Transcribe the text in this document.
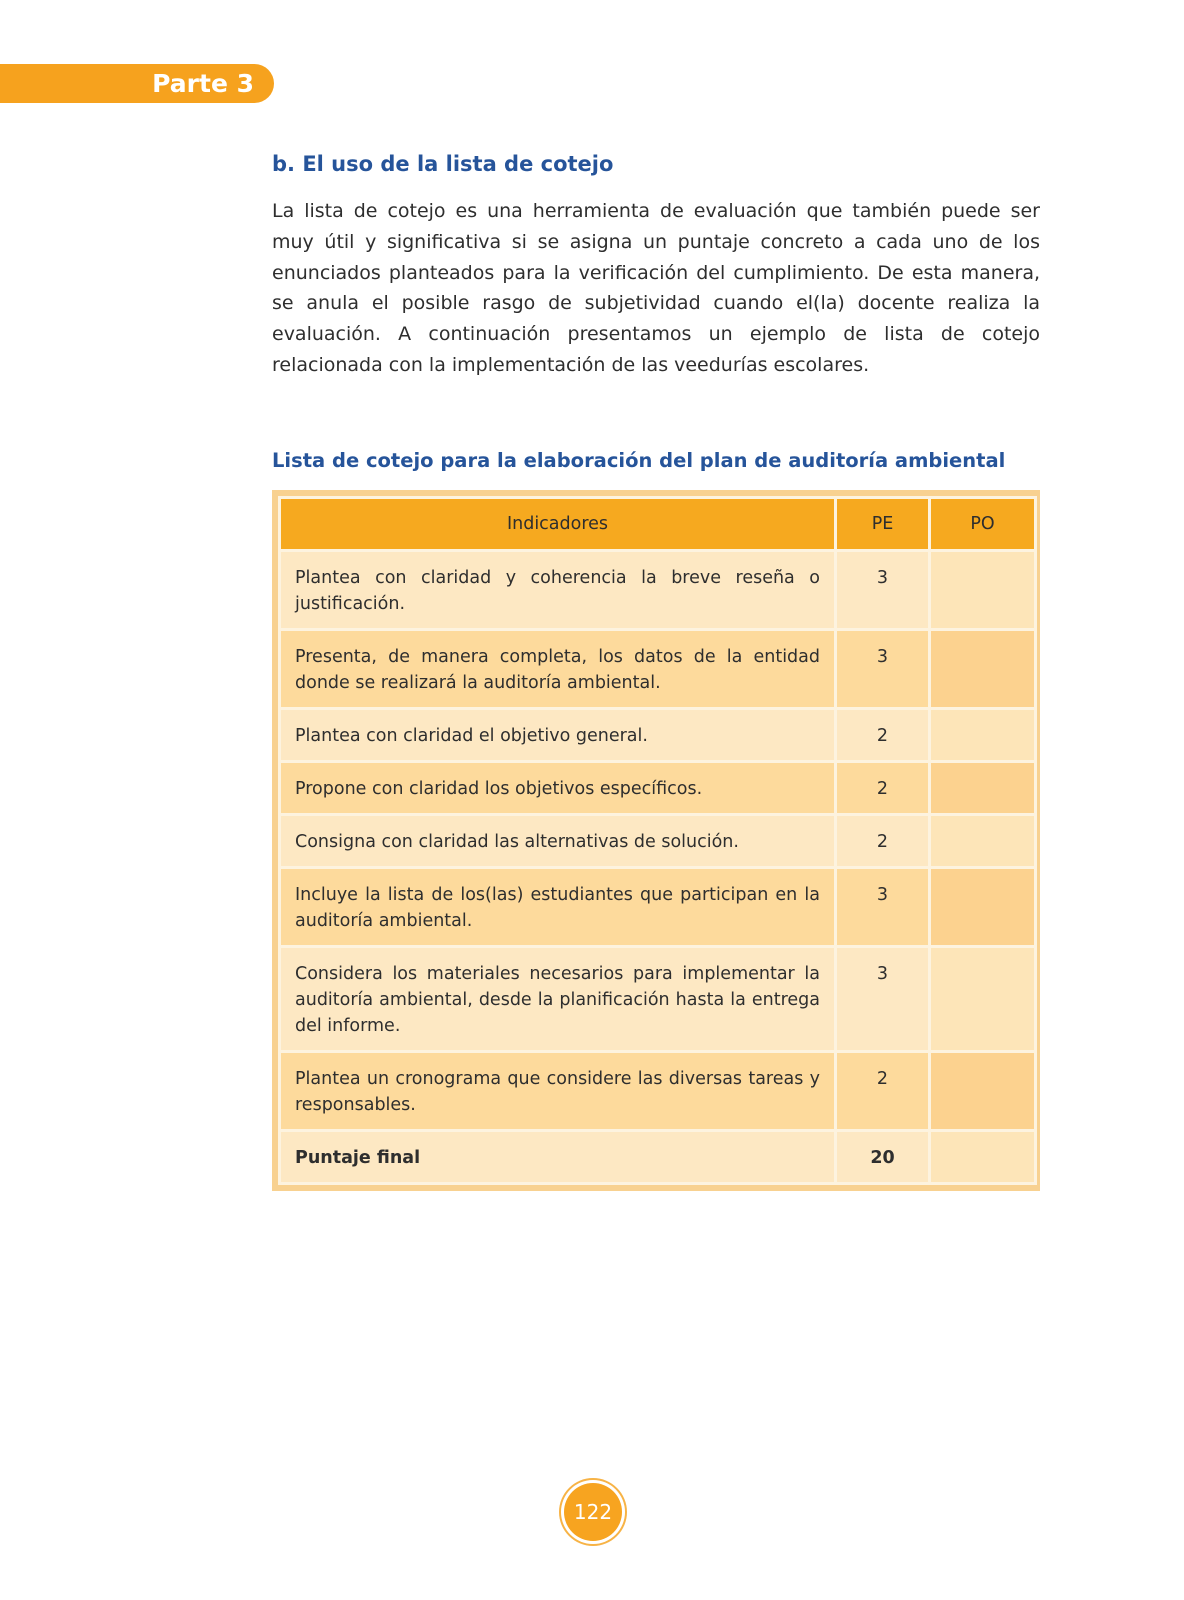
Parte 3
b. El uso de la lista de cotejo

La lista de cotejo es una herramienta de evaluación que también puede ser muy útil y significativa si se asigna un puntaje concreto a cada uno de los enunciados planteados para la verificación del cumplimiento. De esta manera, se anula el posible rasgo de subjetividad cuando el(la) docente realiza la evaluación. A continuación presentamos un ejemplo de lista de cotejo relacionada con la implementación de las veedurías escolares.

Lista de cotejo para la elaboración del plan de auditoría ambiental
Indicadores	PE	PO
Plantea con claridad y coherencia la breve reseña o justificación.	3	
Presenta, de manera completa, los datos de la entidad donde se realizará la auditoría ambiental.	3	
Plantea con claridad el objetivo general.	2	
Propone con claridad los objetivos específicos.	2	
Consigna con claridad las alternativas de solución.	2	
Incluye la lista de los(las) estudiantes que participan en la auditoría ambiental.	3	
Considera los materiales necesarios para implementar la auditoría ambiental, desde la planificación hasta la entrega del informe.	3	
Plantea un cronograma que considere las diversas tareas y responsables.	2	
Puntaje final	20	
122
